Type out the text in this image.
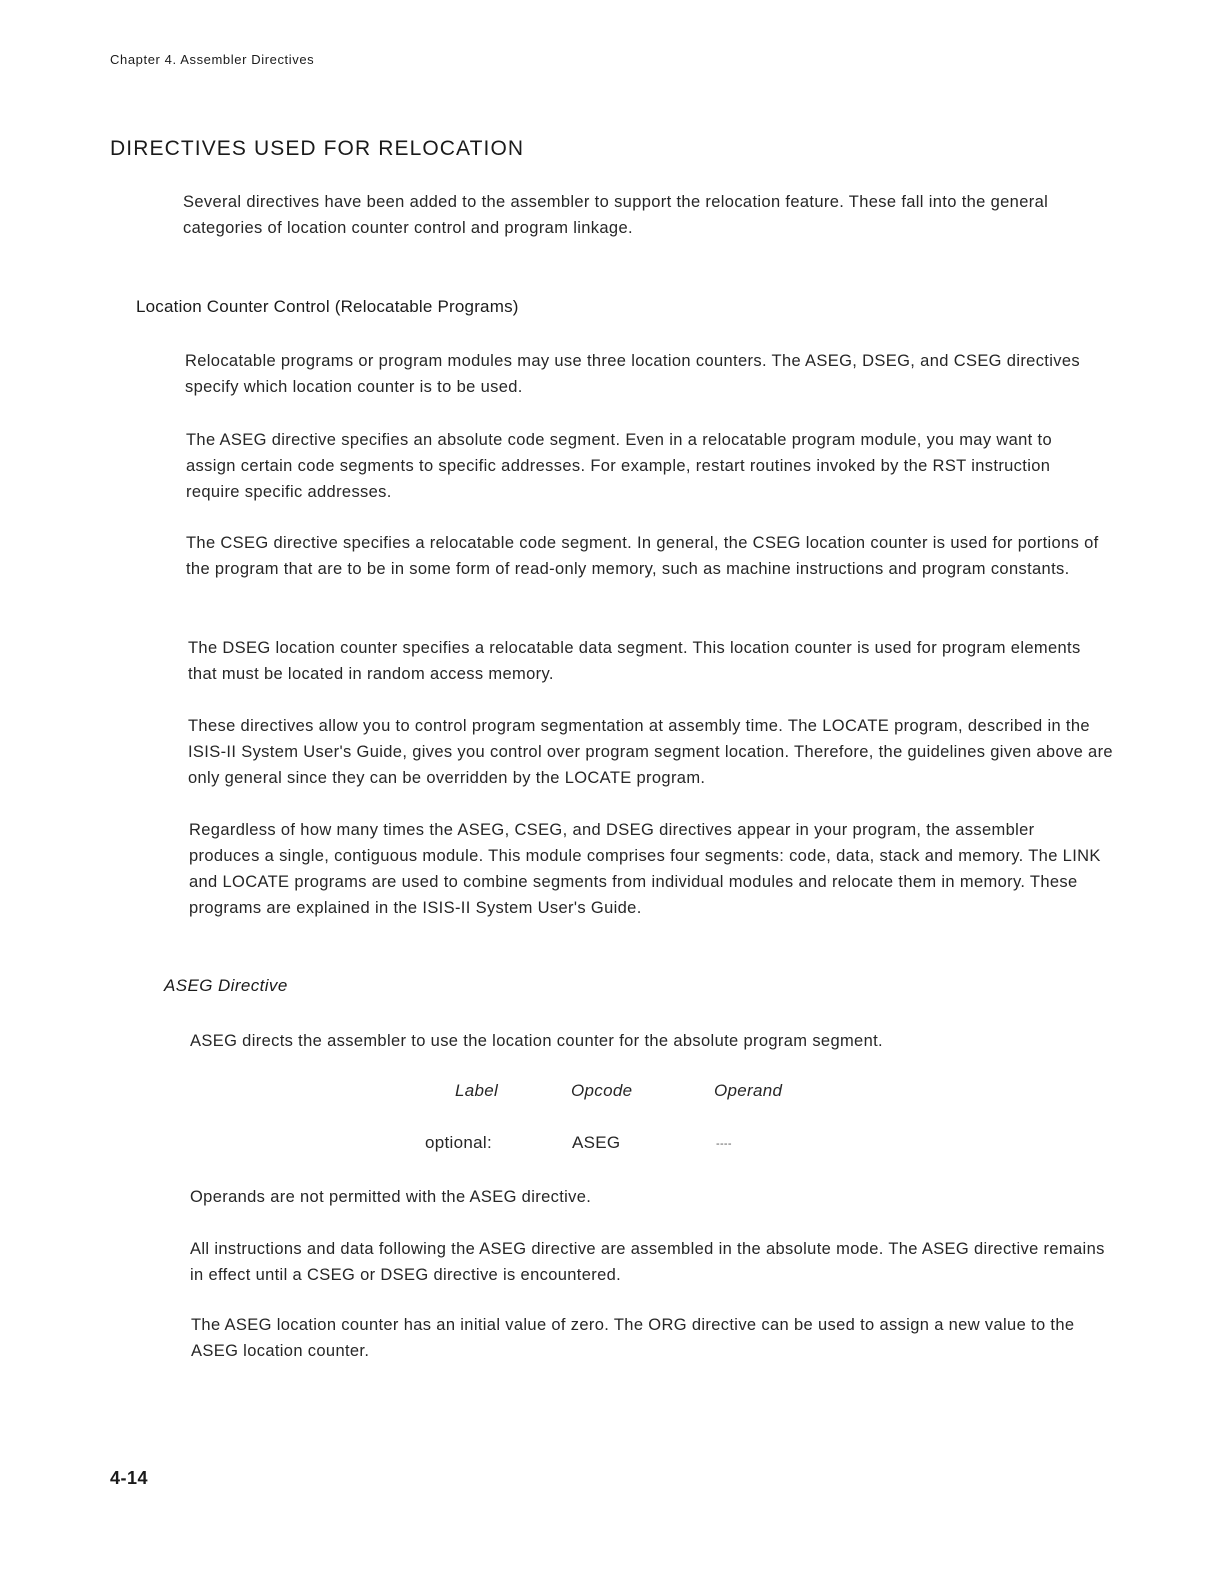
Chapter 4. Assembler Directives
DIRECTIVES USED FOR RELOCATION

Several directives have been added to the assembler to support the relocation feature. These fall into the general categories of location counter control and program linkage.

Location Counter Control (Relocatable Programs)

Relocatable programs or program modules may use three location counters. The ASEG, DSEG, and CSEG directives specify which location counter is to be used.

The ASEG directive specifies an absolute code segment. Even in a relocatable program module, you may want to assign certain code segments to specific addresses. For example, restart routines invoked by the RST instruction require specific addresses.

The CSEG directive specifies a relocatable code segment. In general, the CSEG location counter is used for portions of the program that are to be in some form of read-only memory, such as machine instructions and program constants.

The DSEG location counter specifies a relocatable data segment. This location counter is used for program elements that must be located in random access memory.

These directives allow you to control program segmentation at assembly time. The LOCATE program, described in the ISIS-II System User's Guide, gives you control over program segment location. Therefore, the guidelines given above are only general since they can be overridden by the LOCATE program.

Regardless of how many times the ASEG, CSEG, and DSEG directives appear in your program, the assembler produces a single, contiguous module. This module comprises four segments: code, data, stack and memory. The LINK and LOCATE programs are used to combine segments from individual modules and relocate them in memory. These programs are explained in the ISIS-II System User's Guide.

ASEG Directive

ASEG directs the assembler to use the location counter for the absolute program segment.

Label	Opcode	Operand
optional:	ASEG	----

Operands are not permitted with the ASEG directive.

All instructions and data following the ASEG directive are assembled in the absolute mode. The ASEG directive remains in effect until a CSEG or DSEG directive is encountered.

The ASEG location counter has an initial value of zero. The ORG directive can be used to assign a new value to the ASEG location counter.

4-14
